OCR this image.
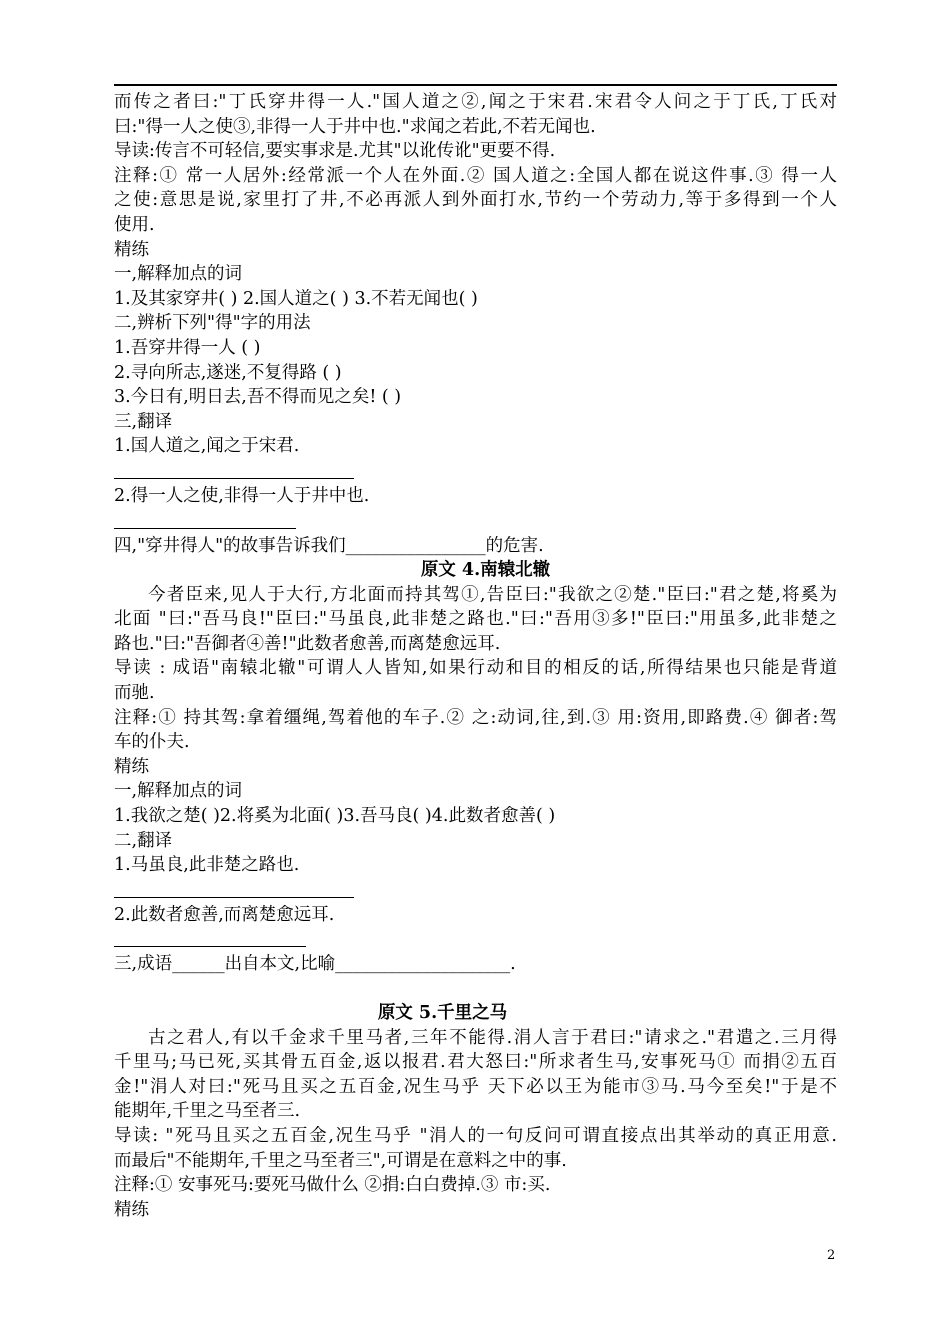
而传之者曰:"丁氏穿井得一人."国人道之②,闻之于宋君.宋君令人问之于丁氏,丁氏对
曰:"得一人之使③,非得一人于井中也."求闻之若此,不若无闻也.
导读:传言不可轻信,要实事求是.尤其"以讹传讹"更要不得.
注释:① 常一人居外:经常派一个人在外面.② 国人道之:全国人都在说这件事.③ 得一人
之使:意思是说,家里打了井,不必再派人到外面打水,节约一个劳动力,等于多得到一个人
使用.
精练
一,解释加点的词
1.及其家穿井( ) 2.国人道之( ) 3.不若无闻也( )
二,辨析下列"得"字的用法
1.吾穿井得一人 ( )
2.寻向所志,遂迷,不复得路 ( )
3.今日有,明日去,吾不得而见之矣! ( )
三,翻译
1.国人道之,闻之于宋君.
2.得一人之使,非得一人于井中也.
四,"穿井得人"的故事告诉我们________________的危害.
原文 4.南辕北辙
今者臣来,见人于大行,方北面而持其驾①,告臣曰:"我欲之②楚."臣曰:"君之楚,将奚为
北面 "曰:"吾马良!"臣曰:"马虽良,此非楚之路也."曰:"吾用③多!"臣曰:"用虽多,此非楚之
路也."曰:"吾御者④善!"此数者愈善,而离楚愈远耳.
导读 : 成语"南辕北辙"可谓人人皆知,如果行动和目的相反的话,所得结果也只能是背道
而驰.
注释:① 持其驾:拿着缰绳,驾着他的车子.② 之:动词,往,到.③ 用:资用,即路费.④ 御者:驾
车的仆夫.
精练
一,解释加点的词
1.我欲之楚( )2.将奚为北面( )3.吾马良( )4.此数者愈善( )
二,翻译
1.马虽良,此非楚之路也.
2.此数者愈善,而离楚愈远耳.
三,成语______出自本文,比喻____________________.
原文 5.千里之马
古之君人,有以千金求千里马者,三年不能得.涓人言于君曰:"请求之."君遣之.三月得
千里马;马已死,买其骨五百金,返以报君.君大怒曰:"所求者生马,安事死马① 而捐②五百
金!"涓人对曰:"死马且买之五百金,况生马乎 天下必以王为能市③马.马今至矣!"于是不
能期年,千里之马至者三.
导读: "死马且买之五百金,况生马乎 "涓人的一句反问可谓直接点出其举动的真正用意.
而最后"不能期年,千里之马至者三",可谓是在意料之中的事.
注释:① 安事死马:要死马做什么 ②捐:白白费掉.③ 市:买.
精练
2
